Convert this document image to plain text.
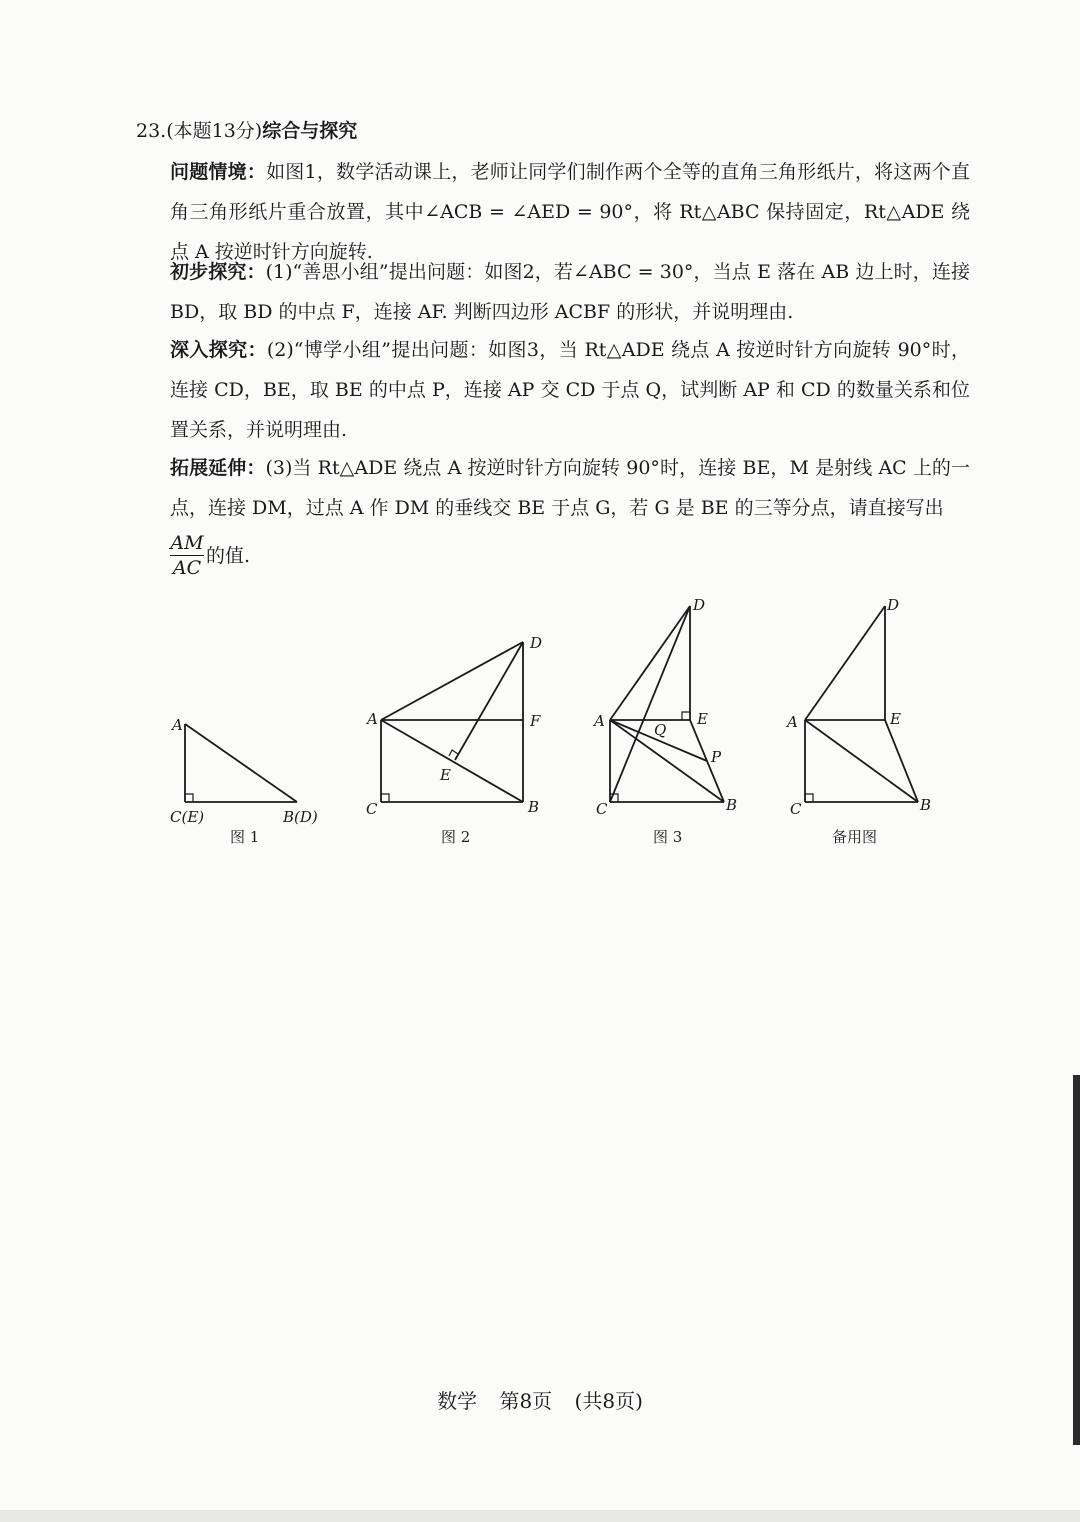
23.(本题13分)综合与探究
问题情境：如图1，数学活动课上，老师让同学们制作两个全等的直角三角形纸片，将这两个直角三角形纸片重合放置，其中∠ACB = ∠AED = 90°，将 Rt△ABC 保持固定，Rt△ADE 绕点 A 按逆时针方向旋转.
初步探究：(1)“善思小组”提出问题：如图2，若∠ABC = 30°，当点 E 落在 AB 边上时，连接 BD，取 BD 的中点 F，连接 AF. 判断四边形 ACBF 的形状，并说明理由.
深入探究：(2)“博学小组”提出问题：如图3，当 Rt△ADE 绕点 A 按逆时针方向旋转 90°时，连接 CD，BE，取 BE 的中点 P，连接 AP 交 CD 于点 Q，试判断 AP 和 CD 的数量关系和位置关系，并说明理由.
拓展延伸：(3)当 Rt△ADE 绕点 A 按逆时针方向旋转 90°时，连接 BE，M 是射线 AC 上的一点，连接 DM，过点 A 作 DM 的垂线交 BE 于点 G，若 G 是 BE 的三等分点，请直接写出
AM
AC
的值.
A
C(E)	B(D)
图 1
A
C	B
D
F
E
图 2
A
C	B
D
E
Q
P
图 3
A
C	B
D
E
备用图
数学 第8页 (共8页)
